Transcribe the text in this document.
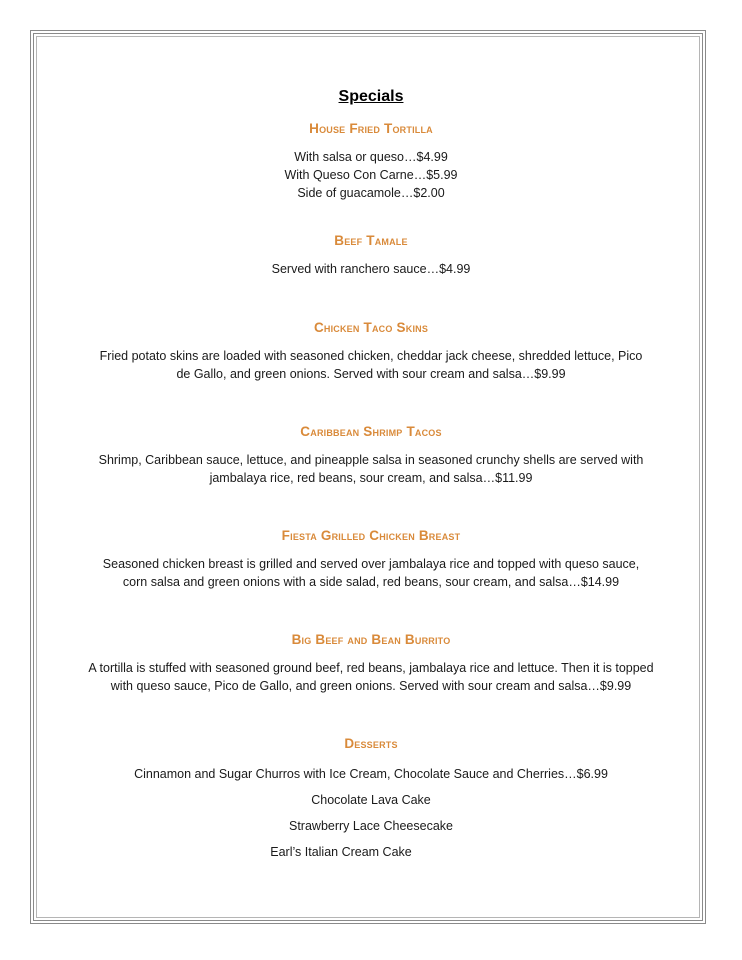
Specials
House Fried Tortilla

With salsa or queso…$4.99

With Queso Con Carne…$5.99

Side of guacamole…$2.00

Beef Tamale

Served with ranchero sauce…$4.99

Chicken Taco Skins

Fried potato skins are loaded with seasoned chicken, cheddar jack cheese, shredded lettuce, Pico de Gallo, and green onions. Served with sour cream and salsa…$9.99

Caribbean Shrimp Tacos

Shrimp, Caribbean sauce, lettuce, and pineapple salsa in seasoned crunchy shells are served with jambalaya rice, red beans, sour cream, and salsa…$11.99

Fiesta Grilled Chicken Breast

Seasoned chicken breast is grilled and served over jambalaya rice and topped with queso sauce, corn salsa and green onions with a side salad, red beans, sour cream, and salsa…$14.99

Big Beef and Bean Burrito

A tortilla is stuffed with seasoned ground beef, red beans, jambalaya rice and lettuce. Then it is topped with queso sauce, Pico de Gallo, and green onions. Served with sour cream and salsa…$9.99

Desserts
Cinnamon and Sugar Churros with Ice Cream, Chocolate Sauce and Cherries…$6.99
Chocolate Lava Cake
Strawberry Lace Cheesecake
Earl’s Italian Cream Cake
